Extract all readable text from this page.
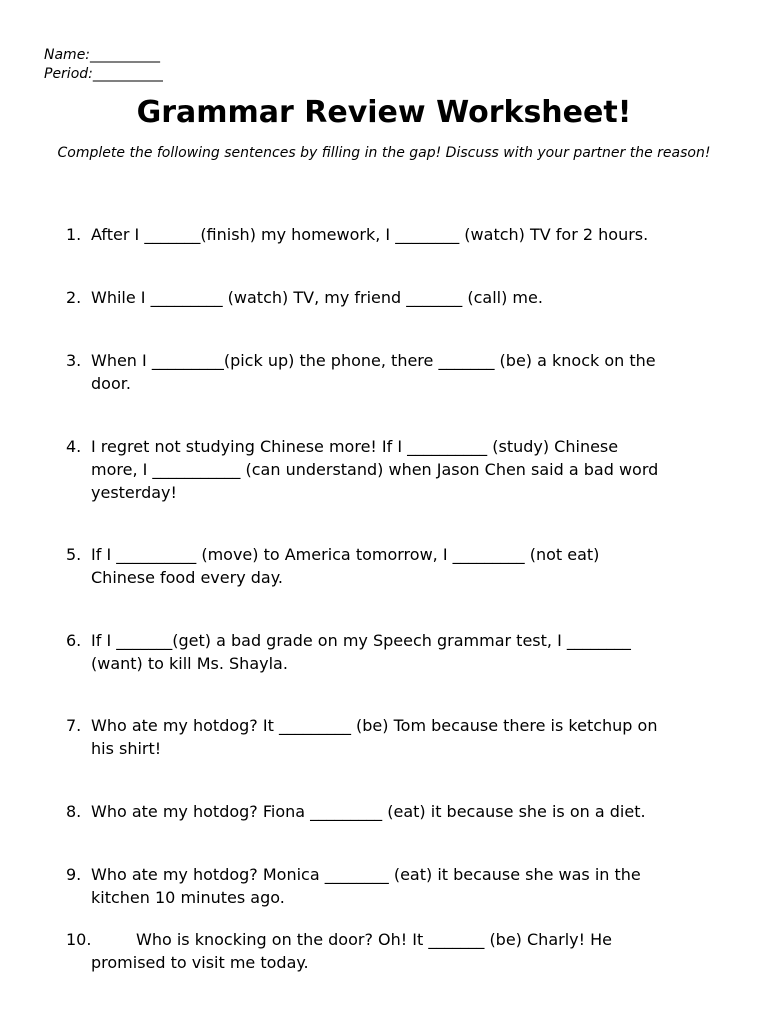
Name:__________
Period:__________
Grammar Review Worksheet!

Complete the following sentences by filling in the gap! Discuss with your partner the reason!

1. After I _______(finish) my homework, I ________ (watch) TV for 2 hours.
2. While I _________ (watch) TV, my friend _______ (call) me.
3. When I _________(pick up) the phone, there _______ (be) a knock on the
door.
4. I regret not studying Chinese more! If I __________ (study) Chinese
more, I ___________ (can understand) when Jason Chen said a bad word
yesterday!
5. If I __________ (move) to America tomorrow, I _________ (not eat)
Chinese food every day.
6. If I _______(get) a bad grade on my Speech grammar test, I ________
(want) to kill Ms. Shayla.
7. Who ate my hotdog? It _________ (be) Tom because there is ketchup on
his shirt!
8. Who ate my hotdog? Fiona _________ (eat) it because she is on a diet.
9. Who ate my hotdog? Monica ________ (eat) it because she was in the
kitchen 10 minutes ago.
10.	Who is knocking on the door? Oh! It _______ (be) Charly! He
promised to visit me today.
